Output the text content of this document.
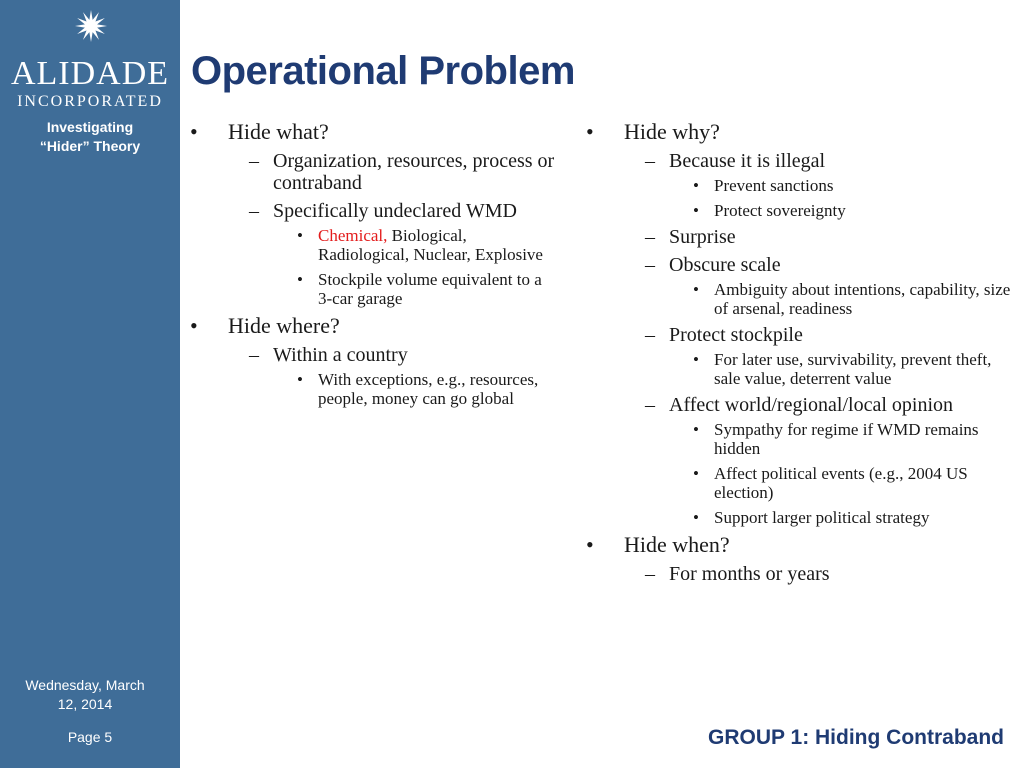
ALIDADE
INCORPORATED
Investigating
“Hider” Theory
Wednesday, March
12, 2014
Page 5
Operational Problem
• Hide what?
– Organization, resources, process or contraband
– Specifically undeclared WMD
• Chemical, Biological, Radiological, Nuclear, Explosive
• Stockpile volume equivalent to a 3-car garage
• Hide where?
– Within a country
• With exceptions, e.g., resources, people, money can go global
• Hide why?
– Because it is illegal
• Prevent sanctions
• Protect sovereignty
– Surprise
– Obscure scale
• Ambiguity about intentions, capability, size of arsenal, readiness
– Protect stockpile
• For later use, survivability, prevent theft, sale value, deterrent value
– Affect world/regional/local opinion
• Sympathy for regime if WMD remains hidden
• Affect political events (e.g., 2004 US election)
• Support larger political strategy
• Hide when?
– For months or years
GROUP 1: Hiding Contraband
